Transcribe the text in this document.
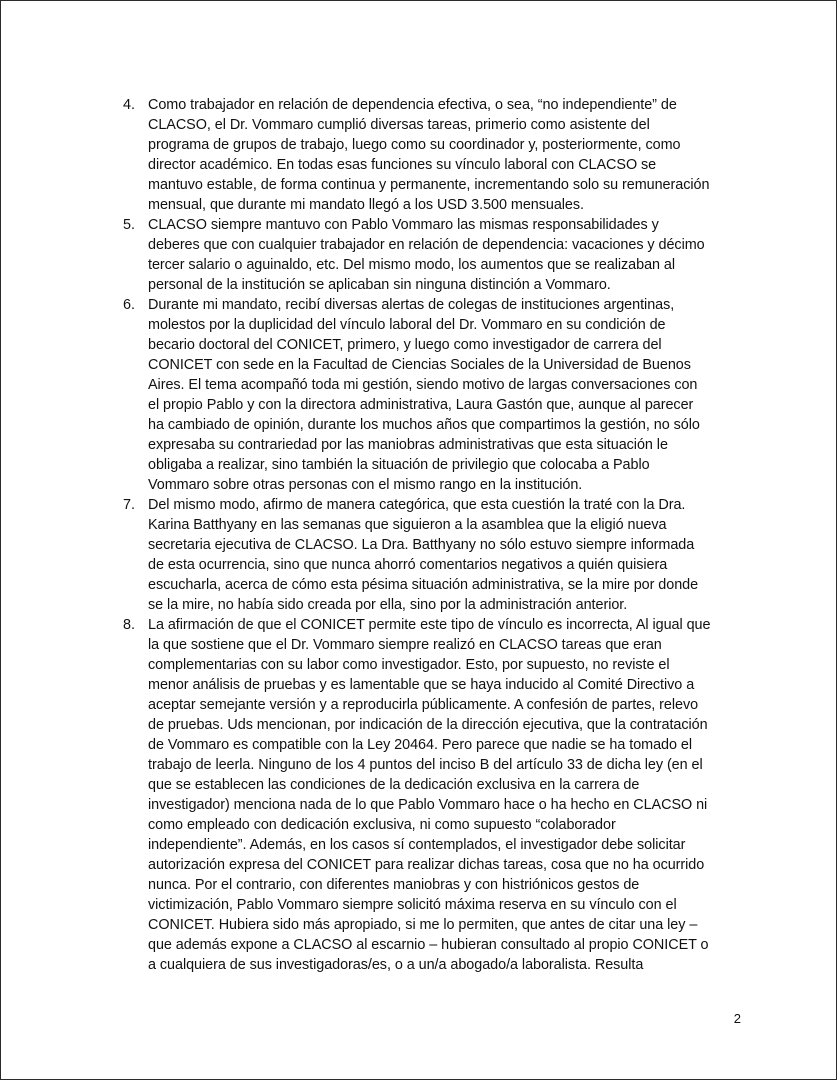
4. Como trabajador en relación de dependencia efectiva, o sea, “no independiente” de
CLACSO, el Dr. Vommaro cumplió diversas tareas, primerio como asistente del
programa de grupos de trabajo, luego como su coordinador y, posteriormente, como
director académico. En todas esas funciones su vínculo laboral con CLACSO se
mantuvo estable, de forma continua y permanente, incrementando solo su remuneración
mensual, que durante mi mandato llegó a los USD 3.500 mensuales.
5. CLACSO siempre mantuvo con Pablo Vommaro las mismas responsabilidades y
deberes que con cualquier trabajador en relación de dependencia: vacaciones y décimo
tercer salario o aguinaldo, etc. Del mismo modo, los aumentos que se realizaban al
personal de la institución se aplicaban sin ninguna distinción a Vommaro.
6. Durante mi mandato, recibí diversas alertas de colegas de instituciones argentinas,
molestos por la duplicidad del vínculo laboral del Dr. Vommaro en su condición de
becario doctoral del CONICET, primero, y luego como investigador de carrera del
CONICET con sede en la Facultad de Ciencias Sociales de la Universidad de Buenos
Aires. El tema acompañó toda mi gestión, siendo motivo de largas conversaciones con
el propio Pablo y con la directora administrativa, Laura Gastón que, aunque al parecer
ha cambiado de opinión, durante los muchos años que compartimos la gestión, no sólo
expresaba su contrariedad por las maniobras administrativas que esta situación le
obligaba a realizar, sino también la situación de privilegio que colocaba a Pablo
Vommaro sobre otras personas con el mismo rango en la institución.
7. Del mismo modo, afirmo de manera categórica, que esta cuestión la traté con la Dra.
Karina Batthyany en las semanas que siguieron a la asamblea que la eligió nueva
secretaria ejecutiva de CLACSO. La Dra. Batthyany no sólo estuvo siempre informada
de esta ocurrencia, sino que nunca ahorró comentarios negativos a quién quisiera
escucharla, acerca de cómo esta pésima situación administrativa, se la mire por donde
se la mire, no había sido creada por ella, sino por la administración anterior.
8. La afirmación de que el CONICET permite este tipo de vínculo es incorrecta, Al igual que
la que sostiene que el Dr. Vommaro siempre realizó en CLACSO tareas que eran
complementarias con su labor como investigador. Esto, por supuesto, no reviste el
menor análisis de pruebas y es lamentable que se haya inducido al Comité Directivo a
aceptar semejante versión y a reproducirla públicamente. A confesión de partes, relevo
de pruebas. Uds mencionan, por indicación de la dirección ejecutiva, que la contratación
de Vommaro es compatible con la Ley 20464. Pero parece que nadie se ha tomado el
trabajo de leerla. Ninguno de los 4 puntos del inciso B del artículo 33 de dicha ley (en el
que se establecen las condiciones de la dedicación exclusiva en la carrera de
investigador) menciona nada de lo que Pablo Vommaro hace o ha hecho en CLACSO ni
como empleado con dedicación exclusiva, ni como supuesto “colaborador
independiente”. Además, en los casos sí contemplados, el investigador debe solicitar
autorización expresa del CONICET para realizar dichas tareas, cosa que no ha ocurrido
nunca. Por el contrario, con diferentes maniobras y con histriónicos gestos de
victimización, Pablo Vommaro siempre solicitó máxima reserva en su vínculo con el
CONICET. Hubiera sido más apropiado, si me lo permiten, que antes de citar una ley –
que además expone a CLACSO al escarnio – hubieran consultado al propio CONICET o
a cualquiera de sus investigadoras/es, o a un/a abogado/a laboralista. Resulta
2
